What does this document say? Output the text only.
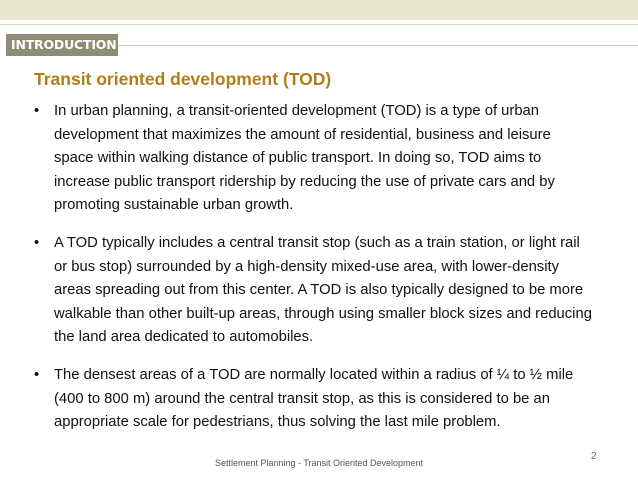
INTRODUCTION
Transit oriented development (TOD)
• In urban planning, a transit-oriented development (TOD) is a type of urban development that maximizes the amount of residential, business and leisure space within walking distance of public transport. In doing so, TOD aims to increase public transport ridership by reducing the use of private cars and by promoting sustainable urban growth.
• A TOD typically includes a central transit stop (such as a train station, or light rail or bus stop) surrounded by a high-density mixed-use area, with lower-density areas spreading out from this center. A TOD is also typically designed to be more walkable than other built-up areas, through using smaller block sizes and reducing the land area dedicated to automobiles.
• The densest areas of a TOD are normally located within a radius of ¼ to ½ mile (400 to 800 m) around the central transit stop, as this is considered to be an appropriate scale for pedestrians, thus solving the last mile problem.
Settlement Planning - Transit Oriented Development
2
